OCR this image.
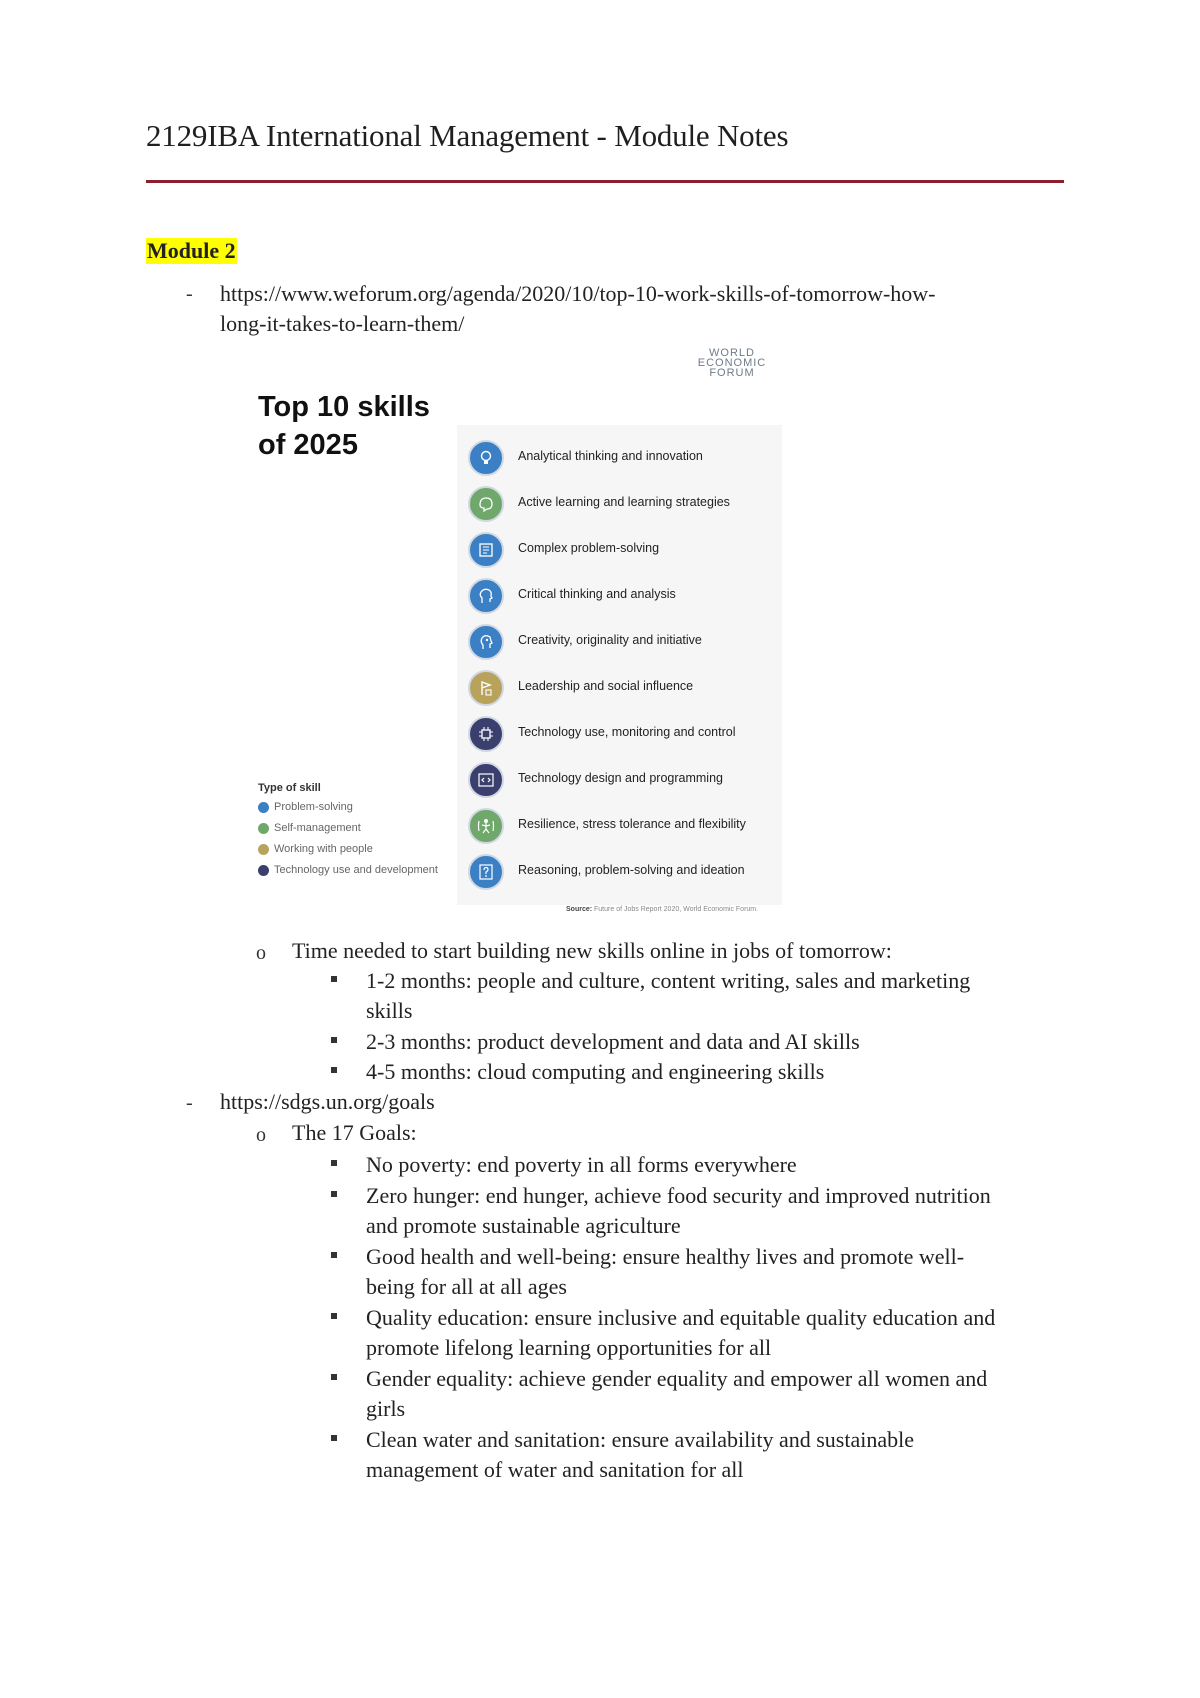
2129IBA International Management - Module Notes
Module 2
- https://www.weforum.org/agenda/2020/10/top-10-work-skills-of-tomorrow-how-
long-it-takes-to-learn-them/
WORLD
ECONOMIC
FORUM
Top 10 skills
of 2025	Analytical thinking and innovation
Active learning and learning strategies
Complex problem-solving
Critical thinking and analysis
Creativity, originality and initiative
Leadership and social influence
Technology use, monitoring and control
Technology design and programming
Resilience, stress tolerance and flexibility
Reasoning, problem-solving and ideation
Type of skill
Problem-solving
Self-management
Working with people
Technology use and development
Source: Future of Jobs Report 2020, World Economic Forum.
o Time needed to start building new skills online in jobs of tomorrow:
1-2 months: people and culture, content writing, sales and marketing
skills
2-3 months: product development and data and AI skills
4-5 months: cloud computing and engineering skills
- https://sdgs.un.org/goals
o The 17 Goals:
No poverty: end poverty in all forms everywhere
Zero hunger: end hunger, achieve food security and improved nutrition
and promote sustainable agriculture
Good health and well-being: ensure healthy lives and promote well-
being for all at all ages
Quality education: ensure inclusive and equitable quality education and
promote lifelong learning opportunities for all
Gender equality: achieve gender equality and empower all women and
girls
Clean water and sanitation: ensure availability and sustainable
management of water and sanitation for all
